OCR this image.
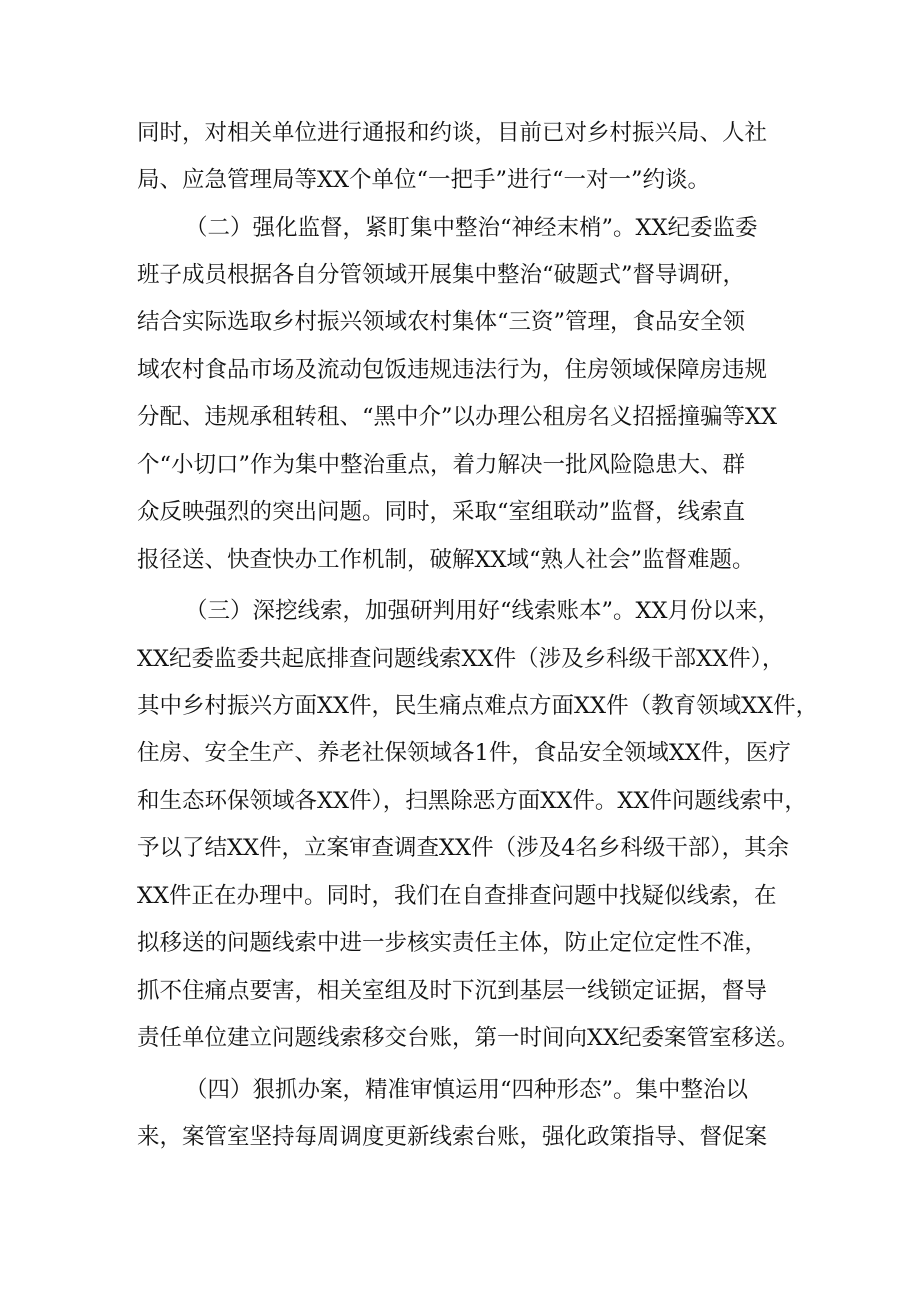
同时，对相关单位进行通报和约谈，目前已对乡村振兴局、人社

局、应急管理局等XX个单位“一把手”进行“一对一”约谈。

（二）强化监督，紧盯集中整治“神经末梢”。XX纪委监委

班子成员根据各自分管领域开展集中整治“破题式”督导调研，

结合实际选取乡村振兴领域农村集体“三资”管理，食品安全领

域农村食品市场及流动包饭违规违法行为，住房领域保障房违规

分配、违规承租转租、“黑中介”以办理公租房名义招摇撞骗等XX

个“小切口”作为集中整治重点，着力解决一批风险隐患大、群

众反映强烈的突出问题。同时，采取“室组联动”监督，线索直

报径送、快查快办工作机制，破解XX域“熟人社会”监督难题。

（三）深挖线索，加强研判用好“线索账本”。XX月份以来，

XX纪委监委共起底排查问题线索XX件（涉及乡科级干部XX件），

其中乡村振兴方面XX件，民生痛点难点方面XX件（教育领域XX件，

住房、安全生产、养老社保领域各1件，食品安全领域XX件，医疗

和生态环保领域各XX件），扫黑除恶方面XX件。XX件问题线索中，

予以了结XX件，立案审查调查XX件（涉及4名乡科级干部），其余

XX件正在办理中。同时，我们在自查排查问题中找疑似线索，在

拟移送的问题线索中进一步核实责任主体，防止定位定性不准，

抓不住痛点要害，相关室组及时下沉到基层一线锁定证据，督导

责任单位建立问题线索移交台账，第一时间向XX纪委案管室移送。

（四）狠抓办案，精准审慎运用“四种形态”。集中整治以

来，案管室坚持每周调度更新线索台账，强化政策指导、督促案
